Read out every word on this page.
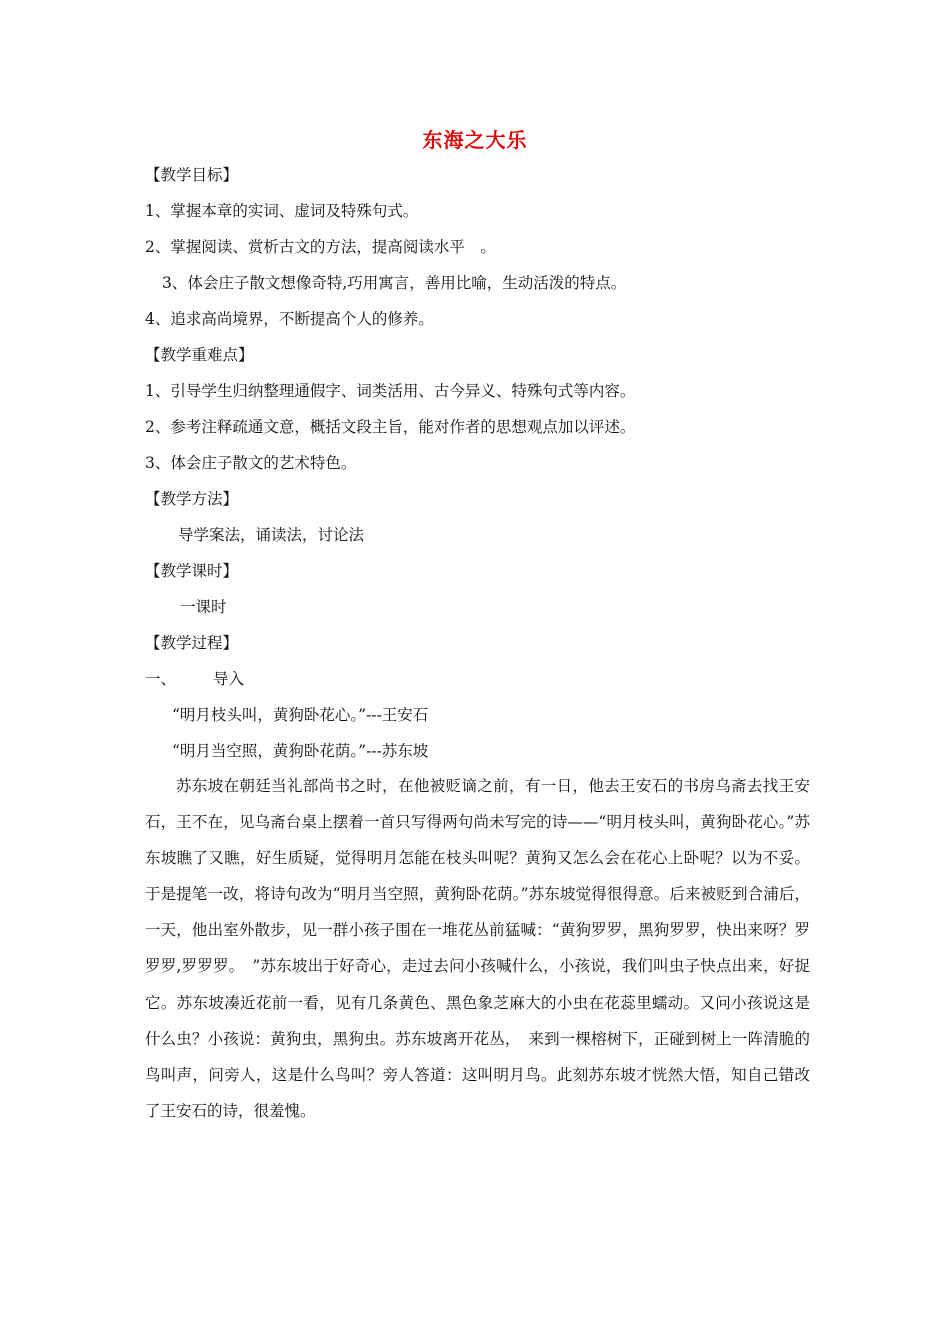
东海之大乐
【教学目标】
1、掌握本章的实词、虚词及特殊句式。
2、掌握阅读、赏析古文的方法，提高阅读水平　。
3、体会庄子散文想像奇特,巧用寓言，善用比喻，生动活泼的特点。
4、追求高尚境界，不断提高个人的修养。
【教学重难点】
1、引导学生归纳整理通假字、词类活用、古今异义、特殊句式等内容。
2、参考注释疏通文意，概括文段主旨，能对作者的思想观点加以评述。
3、体会庄子散文的艺术特色。
【教学方法】
导学案法，诵读法，讨论法
【教学课时】
一课时
【教学过程】
一、 导入
“明月枝头叫，黄狗卧花心。”---王安石
“明月当空照，黄狗卧花荫。”---苏东坡
苏东坡在朝廷当礼部尚书之时，在他被贬谪之前，有一日，他去王安石的书房乌斋去找王安石，王不在，见乌斋台桌上摆着一首只写得两句尚未写完的诗——“明月枝头叫，黄狗卧花心。”苏东坡瞧了又瞧，好生质疑，觉得明月怎能在枝头叫呢？黄狗又怎么会在花心上卧呢？以为不妥。于是提笔一改，将诗句改为“明月当空照，黄狗卧花荫。”苏东坡觉得很得意。后来被贬到合浦后，一天，他出室外散步，见一群小孩子围在一堆花丛前猛喊：“黄狗罗罗，黑狗罗罗，快出来呀？罗罗罗,罗罗罗。　”苏东坡出于好奇心，走过去问小孩喊什么，小孩说，我们叫虫子快点出来，好捉它。苏东坡凑近花前一看，见有几条黄色、黑色象芝麻大的小虫在花蕊里蠕动。又问小孩说这是什么虫？小孩说：黄狗虫，黑狗虫。苏东坡离开花丛，　来到一棵榕树下，正碰到树上一阵清脆的鸟叫声，问旁人，这是什么鸟叫？旁人答道：这叫明月鸟。此刻苏东坡才恍然大悟，知自己错改了王安石的诗，很羞愧。
